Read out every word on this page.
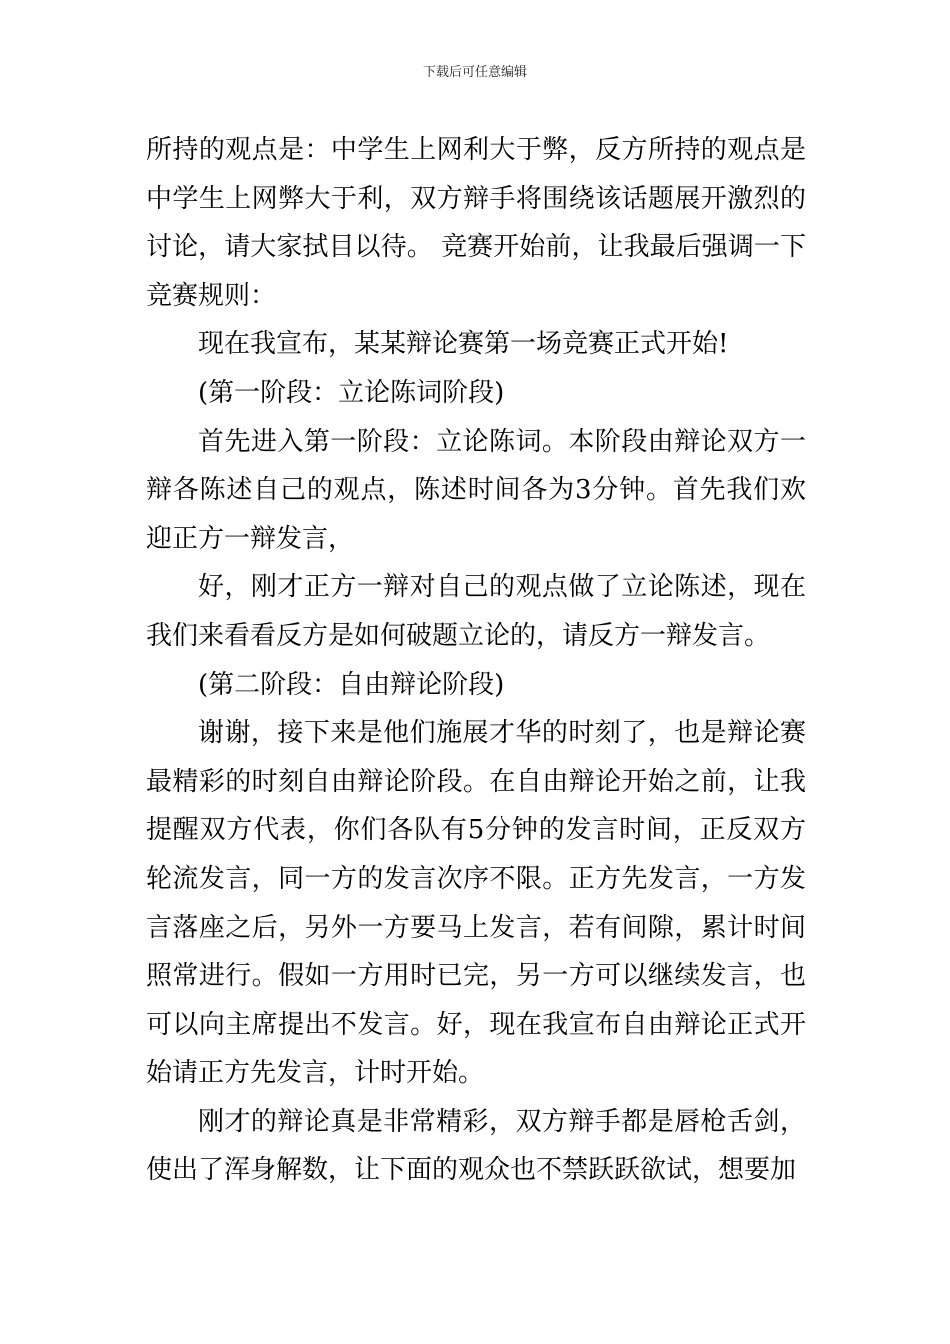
下载后可任意编辑

所持的观点是：中学生上网利大于弊，反方所持的观点是中学生上网弊大于利，双方辩手将围绕该话题展开激烈的讨论，请大家拭目以待。 竞赛开始前，让我最后强调一下竞赛规则：

现在我宣布，某某辩论赛第一场竞赛正式开始!

(第一阶段：立论陈词阶段)

首先进入第一阶段：立论陈词。本阶段由辩论双方一辩各陈述自己的观点，陈述时间各为3分钟。首先我们欢迎正方一辩发言，

好，刚才正方一辩对自己的观点做了立论陈述，现在我们来看看反方是如何破题立论的，请反方一辩发言。

(第二阶段：自由辩论阶段)

谢谢，接下来是他们施展才华的时刻了，也是辩论赛最精彩的时刻自由辩论阶段。在自由辩论开始之前，让我提醒双方代表，你们各队有5分钟的发言时间，正反双方轮流发言，同一方的发言次序不限。正方先发言，一方发言落座之后，另外一方要马上发言，若有间隙，累计时间照常进行。假如一方用时已完，另一方可以继续发言，也可以向主席提出不发言。好，现在我宣布自由辩论正式开始请正方先发言，计时开始。

刚才的辩论真是非常精彩，双方辩手都是唇枪舌剑，使出了浑身解数，让下面的观众也不禁跃跃欲试，想要加
